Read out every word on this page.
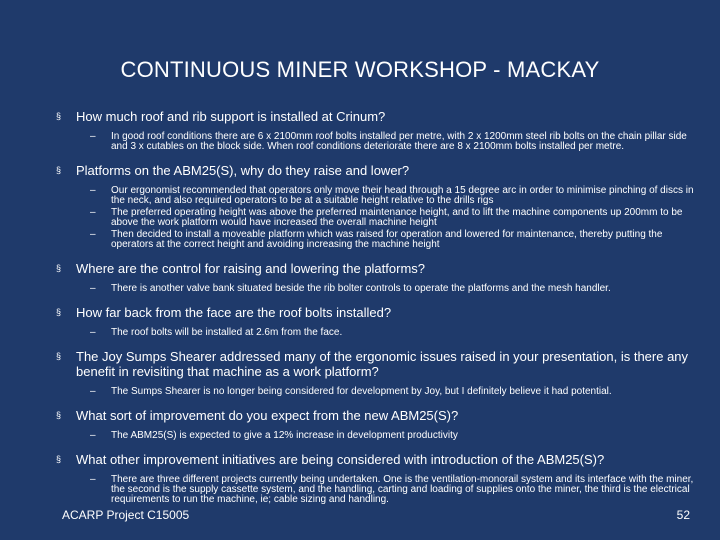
CONTINUOUS MINER WORKSHOP - MACKAY
§ How much roof and rib support is installed at Crinum?
– In good roof conditions there are 6 x 2100mm roof bolts installed per metre, with 2 x 1200mm steel rib bolts on the chain pillar side and 3 x cutables on the block side. When roof conditions deteriorate there are 8 x 2100mm bolts installed per metre.
§ Platforms on the ABM25(S), why do they raise and lower?
– Our ergonomist recommended that operators only move their head through a 15 degree arc in order to minimise pinching of discs in the neck, and also required operators to be at a suitable height relative to the drills rigs
– The preferred operating height was above the preferred maintenance height, and to lift the machine components up 200mm to be above the work platform would have increased the overall machine height
– Then decided to install a moveable platform which was raised for operation and lowered for maintenance, thereby putting the operators at the correct height and avoiding increasing the machine height
§ Where are the control for raising and lowering the platforms?
– There is another valve bank situated beside the rib bolter controls to operate the platforms and the mesh handler.
§ How far back from the face are the roof bolts installed?
– The roof bolts will be installed at 2.6m from the face.
§ The Joy Sumps Shearer addressed many of the ergonomic issues raised in your presentation, is there any benefit in revisiting that machine as a work platform?
– The Sumps Shearer is no longer being considered for development by Joy, but I definitely believe it had potential.
§ What sort of improvement do you expect from the new ABM25(S)?
– The ABM25(S) is expected to give a 12% increase in development productivity
§ What other improvement initiatives are being considered with introduction of the ABM25(S)?
– There are three different projects currently being undertaken. One is the ventilation-monorail system and its interface with the miner, the second is the supply cassette system, and the handling, carting and loading of supplies onto the miner, the third is the electrical requirements to run the machine, ie; cable sizing and handling.
ACARP Project C15005	52
